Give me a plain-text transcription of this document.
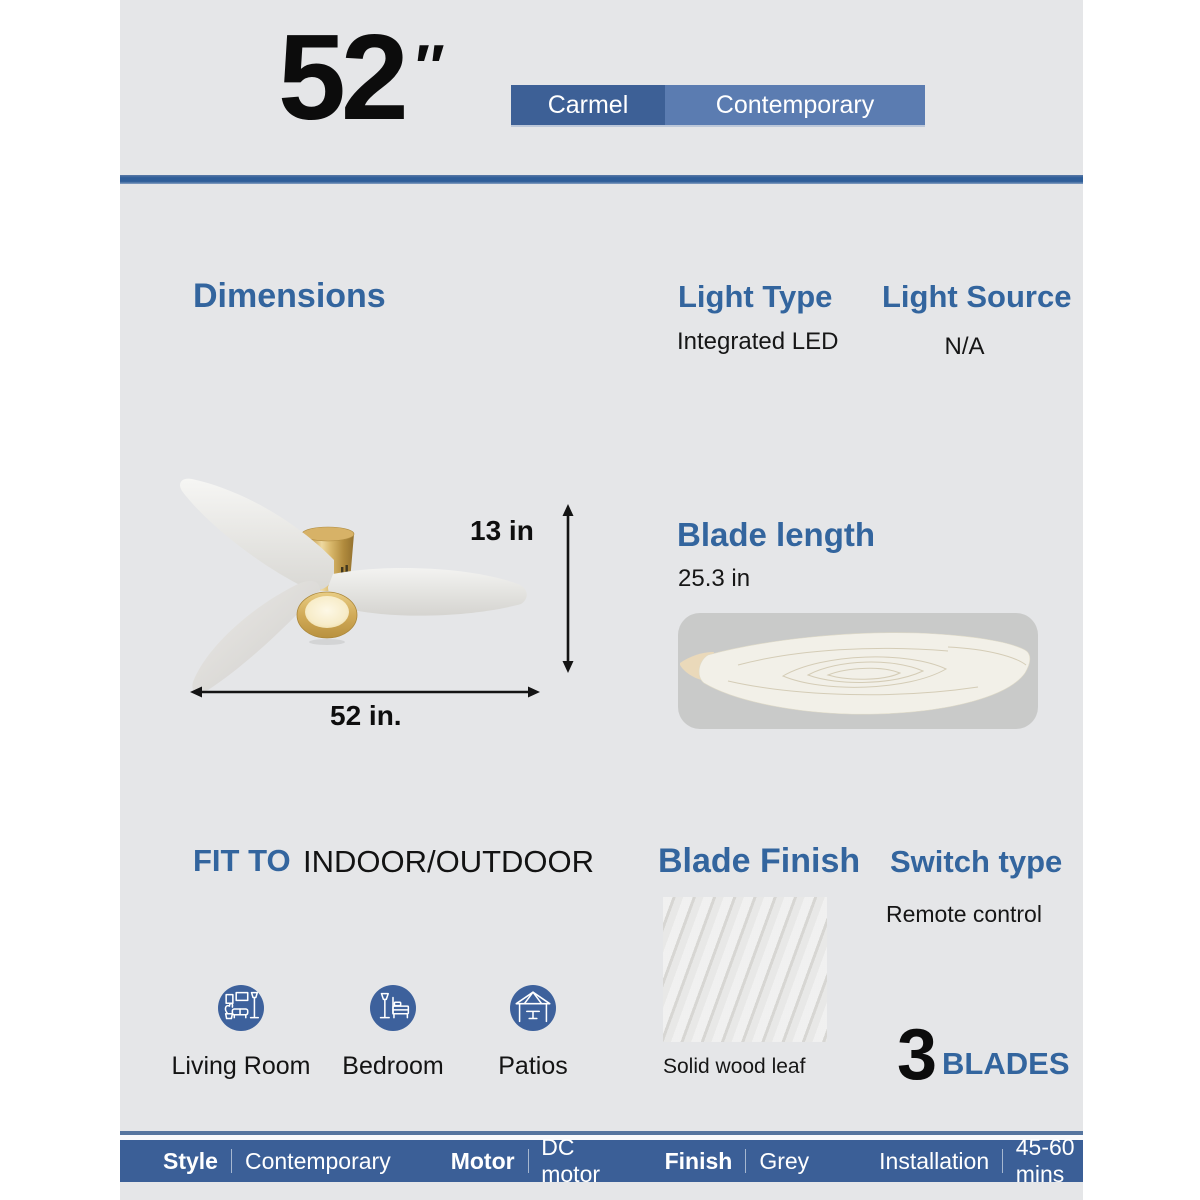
52 ″
Carmel	Contemporary
Dimensions	Light Type
Integrated LED
Light Source
N/A
13 in
52 in.
Blade length
25.3 in
FIT TO INDOOR/OUTDOOR
Living Room	Bedroom	Patios
Blade Finish
Solid wood leaf
Switch type
Remote control
3 BLADES
Style Contemporary	Motor
DC motor
Finish Grey	Installation
45-60 mins
